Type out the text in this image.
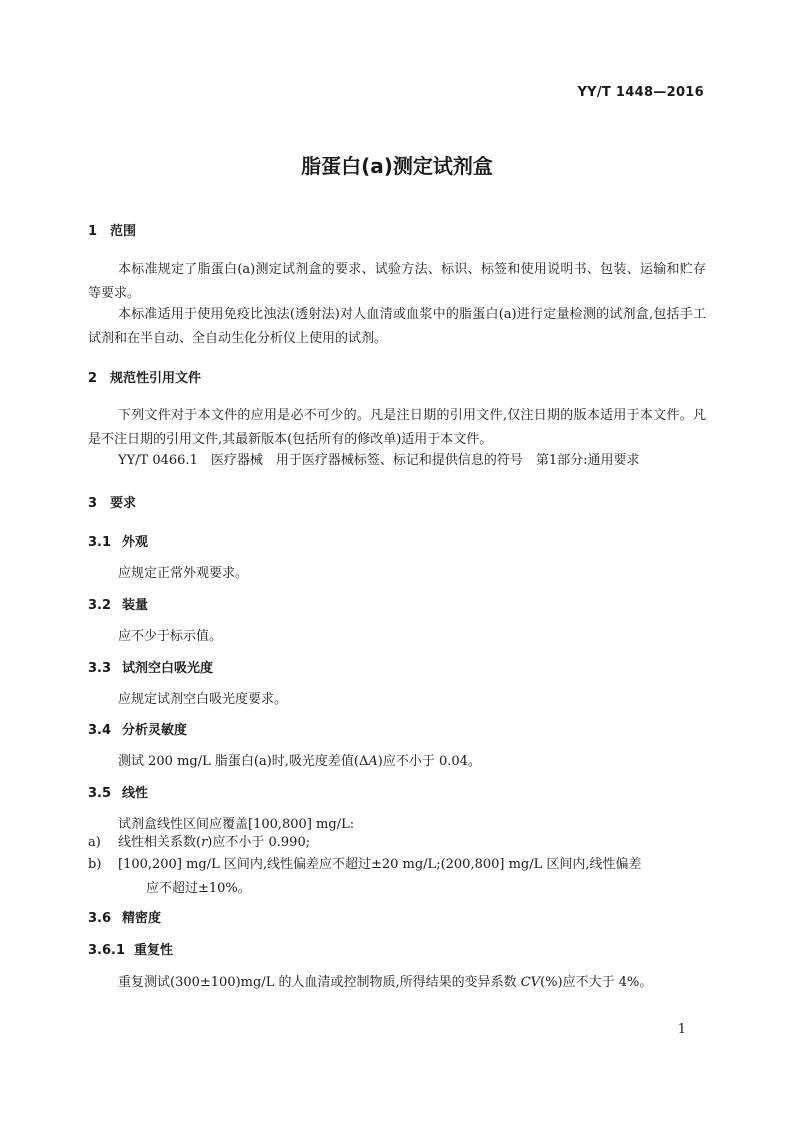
YY/T 1448—2016
脂蛋白(a)测定试剂盒
1 范围
本标准规定了脂蛋白(a)测定试剂盒的要求、试验方法、标识、标签和使用说明书、包装、运输和贮存等要求。
本标准适用于使用免疫比浊法(透射法)对人血清或血浆中的脂蛋白(a)进行定量检测的试剂盒,包括手工试剂和在半自动、全自动生化分析仪上使用的试剂。
2 规范性引用文件
下列文件对于本文件的应用是必不可少的。凡是注日期的引用文件,仅注日期的版本适用于本文件。凡是不注日期的引用文件,其最新版本(包括所有的修改单)适用于本文件。
YY/T 0466.1　医疗器械　用于医疗器械标签、标记和提供信息的符号　第1部分:通用要求
3 要求
3.1 外观
应规定正常外观要求。
3.2 装量
应不少于标示值。
3.3 试剂空白吸光度
应规定试剂空白吸光度要求。
3.4 分析灵敏度
测试 200 mg/L 脂蛋白(a)时,吸光度差值(ΔA)应不小于 0.04。
3.5 线性
试剂盒线性区间应覆盖[100,800] mg/L:
a) 线性相关系数(r)应不小于 0.990;
b) [100,200] mg/L 区间内,线性偏差应不超过±20 mg/L;(200,800] mg/L 区间内,线性偏差
应不超过±10%。
3.6 精密度
3.6.1 重复性
重复测试(300±100)mg/L 的人血清或控制物质,所得结果的变异系数 CV(%)应不大于 4%。
1
